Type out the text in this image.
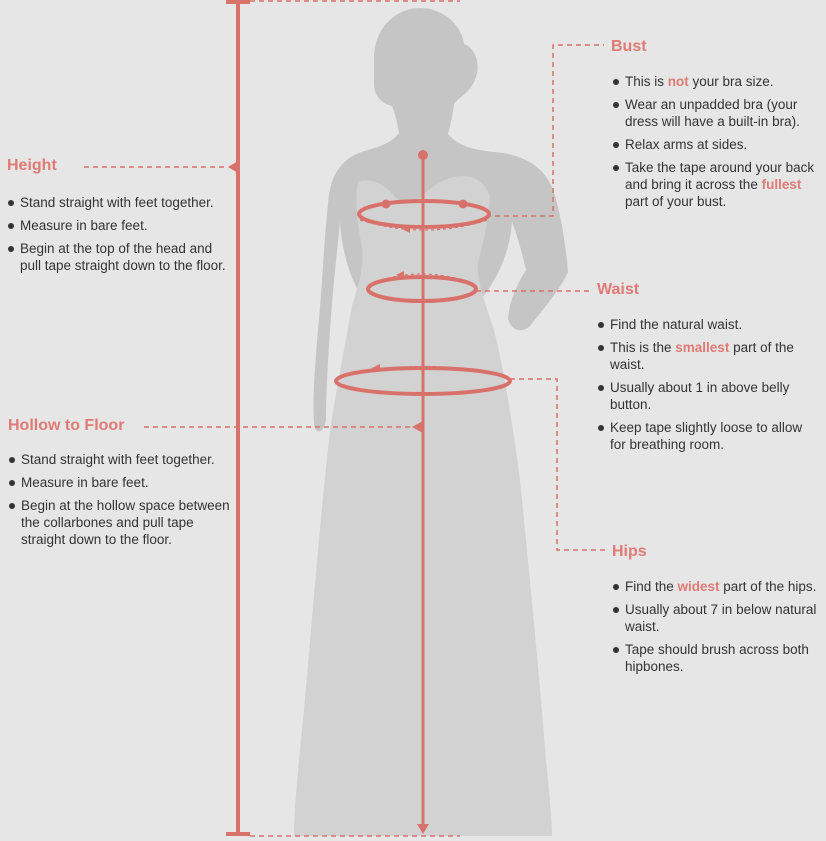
Height
Stand straight with feet together.
Measure in bare feet.
Begin at the top of the head and pull tape straight down to the floor.
Hollow to Floor
Stand straight with feet together.
Measure in bare feet.
Begin at the hollow space between the collarbones and pull tape straight down to the floor.
Bust
This is not your bra size.
Wear an unpadded bra (your dress will have a built-in bra).
Relax arms at sides.
Take the tape around your back and bring it across the fullest part of your bust.
Waist
Find the natural waist.
This is the smallest part of the waist.
Usually about 1 in above belly button.
Keep tape slightly loose to allow for breathing room.
Hips
Find the widest part of the hips.
Usually about 7 in below natural waist.
Tape should brush across both hipbones.
